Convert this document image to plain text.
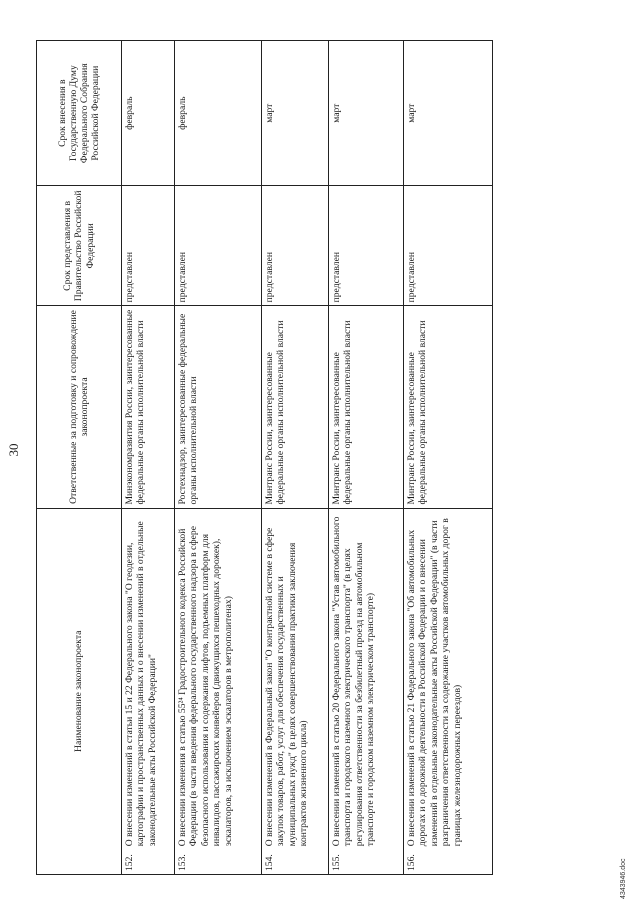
30
Наименование законопроекта		Ответственные за подготовку и сопровождение законопроекта	Срок представления в Правительство Российской Федерации	Срок внесения в Государственную Думу Федерального Собрания Российской Федерации
152.	О внесении изменений в статьи 15 и 22 Федерального закона "О геодезии, картографии и пространственных данных и о внесении изменений в отдельные законодательные акты Российской Федерации"	Минэкономразвития России, заинтересованные федеральные органы исполнительной власти	представлен	февраль
153.	О внесении изменения в статью 55²⁴ Градостроительного кодекса Российской Федерации (в части введения федерального государственного надзора в сфере безопасного использования и содержания лифтов, подъемных платформ для инвалидов, пассажирских конвейеров (движущихся пешеходных дорожек), эскалаторов, за исключением эскалаторов в метрополитенах)	Ростехнадзор, заинтересованные федеральные органы исполнительной власти	представлен	февраль
154.	О внесении изменений в Федеральный закон "О контрактной системе в сфере закупок товаров, работ, услуг для обеспечения государственных и муниципальных нужд" (в целях совершенствования практики заключения контрактов жизненного цикла)	Минтранс России, заинтересованные федеральные органы исполнительной власти	представлен	март
155.	О внесении изменений в статью 20 Федерального закона "Устав автомобильного транспорта и городского наземного электрического транспорта" (в целях регулирования ответственности за безбилетный проезд на автомобильном транспорте и городском наземном электрическом транспорте)	Минтранс России, заинтересованные федеральные органы исполнительной власти	представлен	март
156.	О внесении изменений в статью 21 Федерального закона "Об автомобильных дорогах и о дорожной деятельности в Российской Федерации и о внесении изменений в отдельные законодательные акты Российской Федерации" (в части разграничения ответственности за содержание участков автомобильных дорог в границах железнодорожных переездов)	Минтранс России, заинтересованные федеральные органы исполнительной власти	представлен	март
4343946.doc
